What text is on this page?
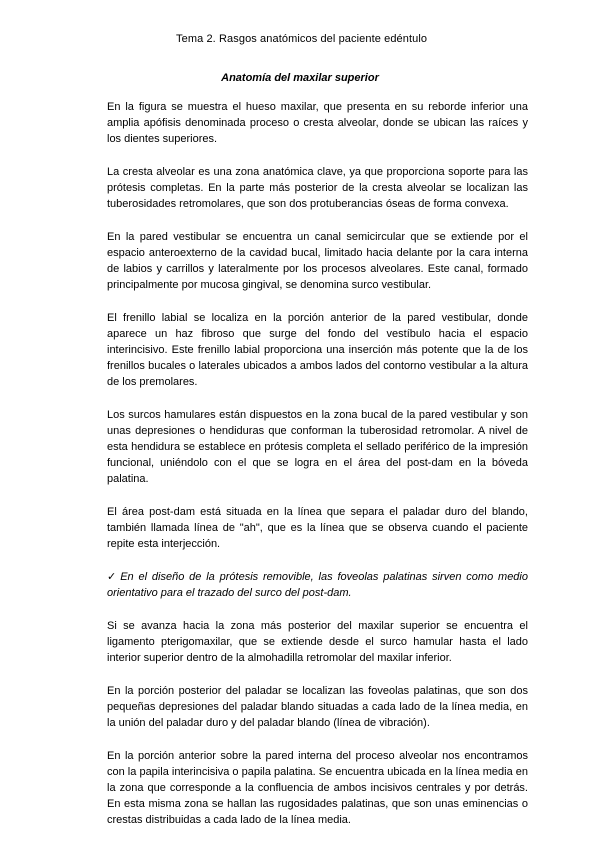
Tema 2. Rasgos anatómicos del paciente edéntulo
Anatomía del maxilar superior

En la figura se muestra el hueso maxilar, que presenta en su reborde inferior una amplia apófisis denominada proceso o cresta alveolar, donde se ubican las raíces y los dientes superiores.

La cresta alveolar es una zona anatómica clave, ya que proporciona soporte para las prótesis completas. En la parte más posterior de la cresta alveolar se localizan las tuberosidades retromolares, que son dos protuberancias óseas de forma convexa.

En la pared vestibular se encuentra un canal semicircular que se extiende por el espacio anteroexterno de la cavidad bucal, limitado hacia delante por la cara interna de labios y carrillos y lateralmente por los procesos alveolares. Este canal, formado principalmente por mucosa gingival, se denomina surco vestibular.

El frenillo labial se localiza en la porción anterior de la pared vestibular, donde aparece un haz fibroso que surge del fondo del vestíbulo hacia el espacio interincisivo. Este frenillo labial proporciona una inserción más potente que la de los frenillos bucales o laterales ubicados a ambos lados del contorno vestibular a la altura de los premolares.

Los surcos hamulares están dispuestos en la zona bucal de la pared vestibular y son unas depresiones o hendiduras que conforman la tuberosidad retromolar. A nivel de esta hendidura se establece en prótesis completa el sellado periférico de la impresión funcional, uniéndolo con el que se logra en el área del post-dam en la bóveda palatina.

El área post-dam está situada en la línea que separa el paladar duro del blando, también llamada línea de "ah", que es la línea que se observa cuando el paciente repite esta interjección.

✓ En el diseño de la prótesis removible, las foveolas palatinas sirven como medio orientativo para el trazado del surco del post-dam.

Si se avanza hacia la zona más posterior del maxilar superior se encuentra el ligamento pterigomaxilar, que se extiende desde el surco hamular hasta el lado interior superior dentro de la almohadilla retromolar del maxilar inferior.

En la porción posterior del paladar se localizan las foveolas palatinas, que son dos pequeñas depresiones del paladar blando situadas a cada lado de la línea media, en la unión del paladar duro y del paladar blando (línea de vibración).

En la porción anterior sobre la pared interna del proceso alveolar nos encontramos con la papila interincisiva o papila palatina. Se encuentra ubicada en la línea media en la zona que corresponde a la confluencia de ambos incisivos centrales y por detrás. En esta misma zona se hallan las rugosidades palatinas, que son unas eminencias o crestas distribuidas a cada lado de la línea media.
